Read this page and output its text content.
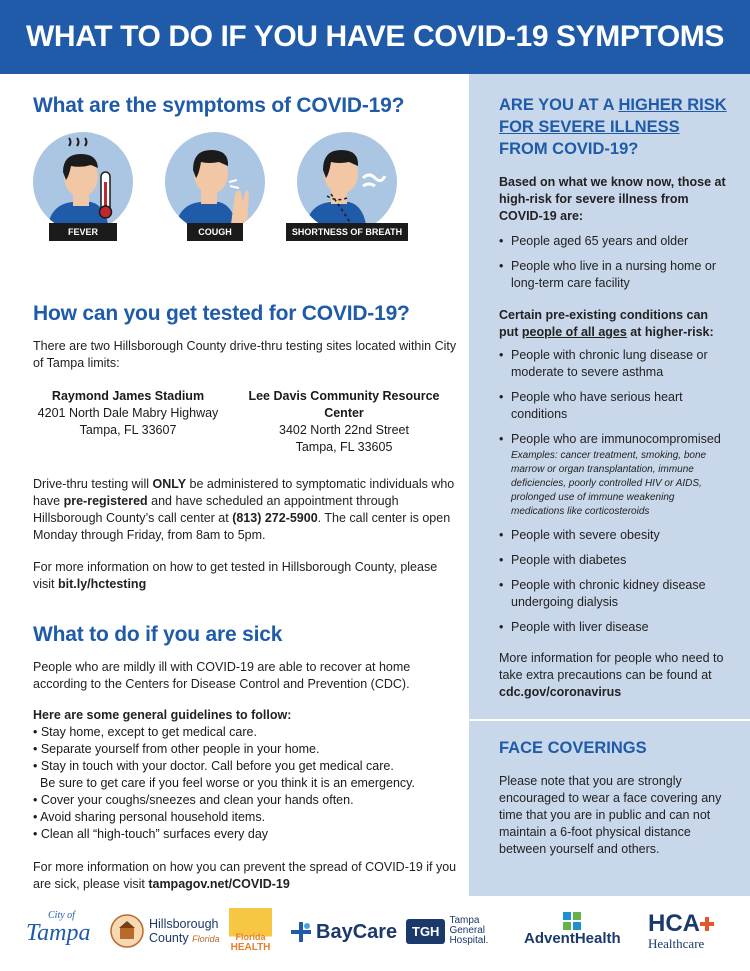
WHAT TO DO IF YOU HAVE COVID-19 SYMPTOMS
What are the symptoms of COVID-19?
FEVER	COUGH	SHORTNESS OF BREATH
How can you get tested for COVID-19?

There are two Hillsborough County drive-thru testing sites located within City of Tampa limits:

Raymond James Stadium
4201 North Dale Mabry Highway
Tampa, FL 33607
Lee Davis Community Resource Center
3402 North 22nd Street
Tampa, FL 33605

Drive-thru testing will ONLY be administered to symptomatic individuals who have pre-registered and have scheduled an appointment through Hillsborough County’s call center at (813) 272-5900. The call center is open Monday through Friday, from 8am to 5pm.

For more information on how to get tested in Hillsborough County, please visit bit.ly/hctesting

What to do if you are sick

People who are mildly ill with COVID-19 are able to recover at home according to the Centers for Disease Control and Prevention (CDC).

Here are some general guidelines to follow:

• Stay home, except to get medical care.
• Separate yourself from other people in your home.
• Stay in touch with your doctor. Call before you get medical care.
Be sure to get care if you feel worse or you think it is an emergency.
• Cover your coughs/sneezes and clean your hands often.
• Avoid sharing personal household items.
• Clean all “high-touch” surfaces every day

For more information on how you can prevent the spread of COVID-19 if you are sick, please visit tampagov.net/COVID-19

ARE YOU AT A HIGHER RISK
FOR SEVERE ILLNESS
FROM COVID-19?

Based on what we know now, those at high-risk for severe illness from COVID-19 are:

• People aged 65 years and older
• People who live in a nursing home or long-term care facility

Certain pre-existing conditions can put people of all ages at higher-risk:

• People with chronic lung disease or moderate to severe asthma
• People who have serious heart conditions
• People who are immunocompromised
Examples: cancer treatment, smoking, bone marrow or organ transplantation, immune deficiencies, poorly controlled HIV or AIDS, prolonged use of immune weakening medications like corticosteroids
• People with severe obesity
• People with diabetes
• People with chronic kidney disease undergoing dialysis
• People with liver disease

More information for people who need to take extra precautions can be found at cdc.gov/coronavirus

FACE COVERINGS

Please note that you are strongly encouraged to wear a face covering any time that you are in public and can not maintain a 6-foot physical distance between yourself and others.

City of
Tampa	Hillsborough
County Florida Florida
HEALTH
BayCare	TGH
Tampa
General
Hospital. AdventHealth
HCA
Healthcare
